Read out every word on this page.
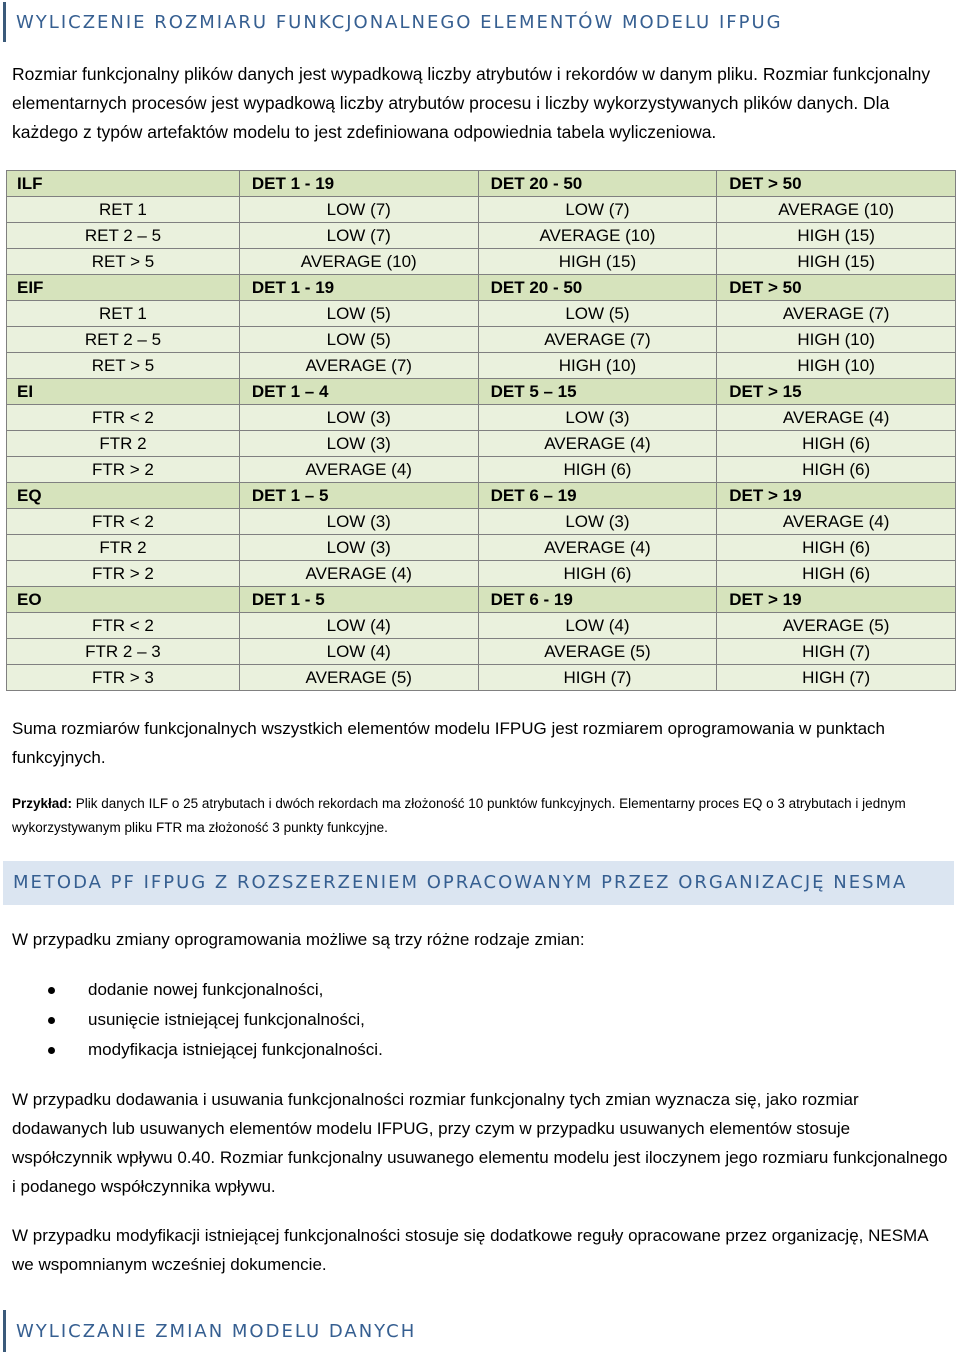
WYLICZENIE ROZMIARU FUNKCJONALNEGO ELEMENTÓW MODELU IFPUG

Rozmiar funkcjonalny plików danych jest wypadkową liczby atrybutów i rekordów w danym pliku. Rozmiar funkcjonalny elementarnych procesów jest wypadkową liczby atrybutów procesu i liczby wykorzystywanych plików danych. Dla każdego z typów artefaktów modelu to jest zdefiniowana odpowiednia tabela wyliczeniowa.

ILF	DET 1 - 19	DET 20 - 50	DET > 50
RET 1	LOW (7)	LOW (7)	AVERAGE (10)
RET 2 – 5	LOW (7)	AVERAGE (10)	HIGH (15)
RET > 5	AVERAGE (10)	HIGH (15)	HIGH (15)
EIF	DET 1 - 19	DET 20 - 50	DET > 50
RET 1	LOW (5)	LOW (5)	AVERAGE (7)
RET 2 – 5	LOW (5)	AVERAGE (7)	HIGH (10)
RET > 5	AVERAGE (7)	HIGH (10)	HIGH (10)
EI	DET 1 – 4	DET 5 – 15	DET > 15
FTR < 2	LOW (3)	LOW (3)	AVERAGE (4)
FTR 2	LOW (3)	AVERAGE (4)	HIGH (6)
FTR > 2	AVERAGE (4)	HIGH (6)	HIGH (6)
EQ	DET 1 – 5	DET 6 – 19	DET > 19
FTR < 2	LOW (3)	LOW (3)	AVERAGE (4)
FTR 2	LOW (3)	AVERAGE (4)	HIGH (6)
FTR > 2	AVERAGE (4)	HIGH (6)	HIGH (6)
EO	DET 1 - 5	DET 6 - 19	DET > 19
FTR < 2	LOW (4)	LOW (4)	AVERAGE (5)
FTR 2 – 3	LOW (4)	AVERAGE (5)	HIGH (7)
FTR > 3	AVERAGE (5)	HIGH (7)	HIGH (7)

Suma rozmiarów funkcjonalnych wszystkich elementów modelu IFPUG jest rozmiarem oprogramowania w punktach funkcyjnych.

Przykład: Plik danych ILF o 25 atrybutach i dwóch rekordach ma złożoność 10 punktów funkcyjnych. Elementarny proces EQ o 3 atrybutach i jednym wykorzystywanym pliku FTR ma złożoność 3 punkty funkcyjne.

METODA PF IFPUG Z ROZSZERZENIEM OPRACOWANYM PRZEZ ORGANIZACJĘ NESMA

W przypadku zmiany oprogramowania możliwe są trzy różne rodzaje zmian:

dodanie nowej funkcjonalności,
usunięcie istniejącej funkcjonalności,
modyfikacja istniejącej funkcjonalności.

W przypadku dodawania i usuwania funkcjonalności rozmiar funkcjonalny tych zmian wyznacza się, jako rozmiar dodawanych lub usuwanych elementów modelu IFPUG, przy czym w przypadku usuwanych elementów stosuje współczynnik wpływu 0.40. Rozmiar funkcjonalny usuwanego elementu modelu jest iloczynem jego rozmiaru funkcjonalnego i podanego współczynnika wpływu.

W przypadku modyfikacji istniejącej funkcjonalności stosuje się dodatkowe reguły opracowane przez organizację, NESMA we wspomnianym wcześniej dokumencie.

WYLICZANIE ZMIAN MODELU DANYCH
